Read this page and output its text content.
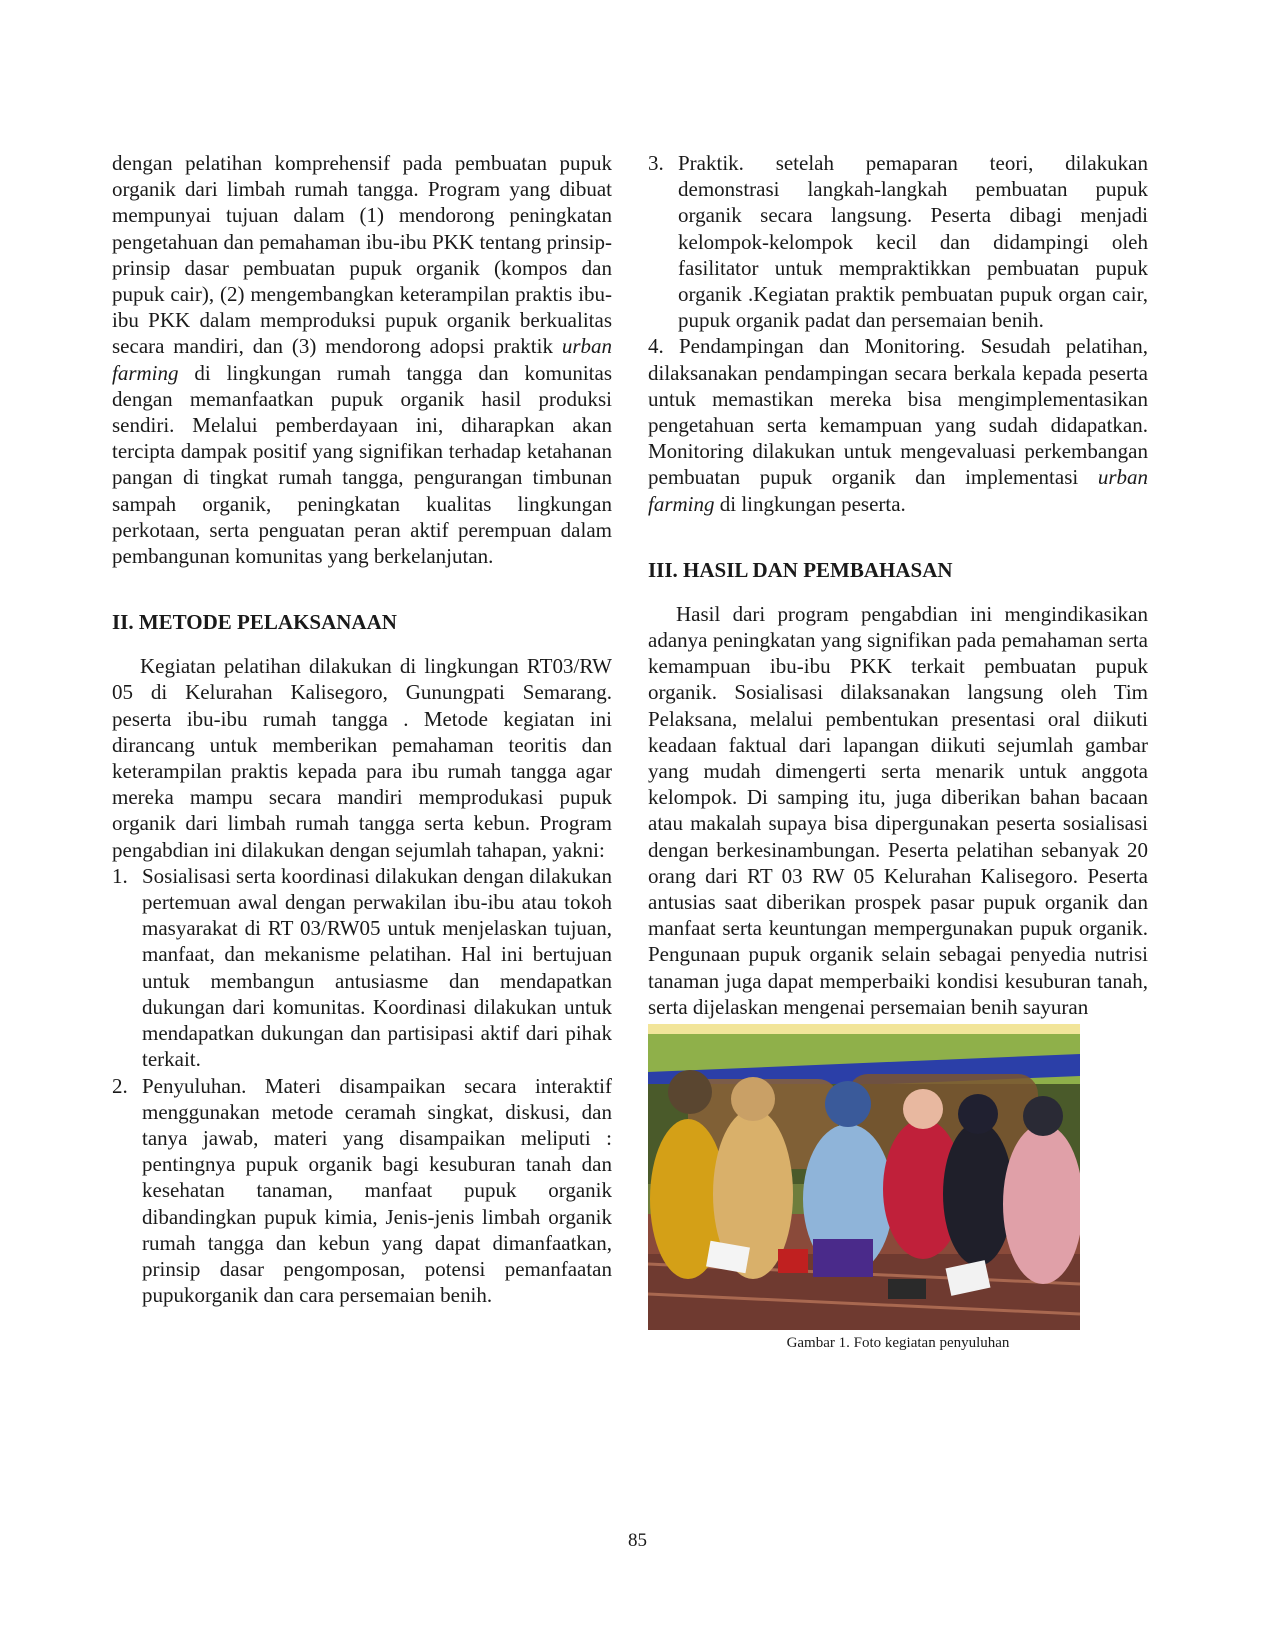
dengan pelatihan komprehensif pada pembuatan pupuk organik dari limbah rumah tangga. Program yang dibuat mempunyai tujuan dalam (1) mendorong peningkatan pengetahuan dan pemahaman ibu-ibu PKK tentang prinsip-prinsip dasar pembuatan pupuk organik (kompos dan pupuk cair), (2) mengembangkan keterampilan praktis ibu-ibu PKK dalam memproduksi pupuk organik berkualitas secara mandiri, dan (3) mendorong adopsi praktik urban farming di lingkungan rumah tangga dan komunitas dengan memanfaatkan pupuk organik hasil produksi sendiri. Melalui pemberdayaan ini, diharapkan akan tercipta dampak positif yang signifikan terhadap ketahanan pangan di tingkat rumah tangga, pengurangan timbunan sampah organik, peningkatan kualitas lingkungan perkotaan, serta penguatan peran aktif perempuan dalam pembangunan komunitas yang berkelanjutan.

II. METODE PELAKSANAAN

Kegiatan pelatihan dilakukan di lingkungan RT03/RW 05 di Kelurahan Kalisegoro, Gunungpati Semarang. peserta ibu-ibu rumah tangga . Metode kegiatan ini dirancang untuk memberikan pemahaman teoritis dan keterampilan praktis kepada para ibu rumah tangga agar mereka mampu secara mandiri memprodukasi pupuk organik dari limbah rumah tangga serta kebun. Program pengabdian ini dilakukan dengan sejumlah tahapan, yakni:

1. Sosialisasi serta koordinasi dilakukan dengan dilakukan pertemuan awal dengan perwakilan ibu-ibu atau tokoh masyarakat di RT 03/RW05 untuk menjelaskan tujuan, manfaat, dan mekanisme pelatihan. Hal ini bertujuan untuk membangun antusiasme dan mendapatkan dukungan dari komunitas. Koordinasi dilakukan untuk mendapatkan dukungan dan partisipasi aktif dari pihak terkait.
2. Penyuluhan. Materi disampaikan secara interaktif menggunakan metode ceramah singkat, diskusi, dan tanya jawab, materi yang disampaikan meliputi : pentingnya pupuk organik bagi kesuburan tanah dan kesehatan tanaman, manfaat pupuk organik dibandingkan pupuk kimia, Jenis-jenis limbah organik rumah tangga dan kebun yang dapat dimanfaatkan, prinsip dasar pengomposan, potensi pemanfaatan pupukorganik dan cara persemaian benih.
3. Praktik. setelah pemaparan teori, dilakukan demonstrasi langkah-langkah pembuatan pupuk organik secara langsung. Peserta dibagi menjadi kelompok-kelompok kecil dan didampingi oleh fasilitator untuk mempraktikkan pembuatan pupuk organik .Kegiatan praktik pembuatan pupuk organ cair, pupuk organik padat dan persemaian benih.
4. Pendampingan dan Monitoring. Sesudah pelatihan, dilaksanakan pendampingan secara berkala kepada peserta untuk memastikan mereka bisa mengimplementasikan pengetahuan serta kemampuan yang sudah didapatkan. Monitoring dilakukan untuk mengevaluasi perkembangan pembuatan pupuk organik dan implementasi urban farming di lingkungan peserta.
III. HASIL DAN PEMBAHASAN

Hasil dari program pengabdian ini mengindikasikan adanya peningkatan yang signifikan pada pemahaman serta kemampuan ibu-ibu PKK terkait pembuatan pupuk organik. Sosialisasi dilaksanakan langsung oleh Tim Pelaksana, melalui pembentukan presentasi oral diikuti keadaan faktual dari lapangan diikuti sejumlah gambar yang mudah dimengerti serta menarik untuk anggota kelompok. Di samping itu, juga diberikan bahan bacaan atau makalah supaya bisa dipergunakan peserta sosialisasi dengan berkesinambungan. Peserta pelatihan sebanyak 20 orang dari RT 03 RW 05 Kelurahan Kalisegoro. Peserta antusias saat diberikan prospek pasar pupuk organik dan manfaat serta keuntungan mempergunakan pupuk organik. Pengunaan pupuk organik selain sebagai penyedia nutrisi tanaman juga dapat memperbaiki kondisi kesuburan tanah, serta dijelaskan mengenai persemaian benih sayuran

Gambar 1. Foto kegiatan penyuluhan
85
